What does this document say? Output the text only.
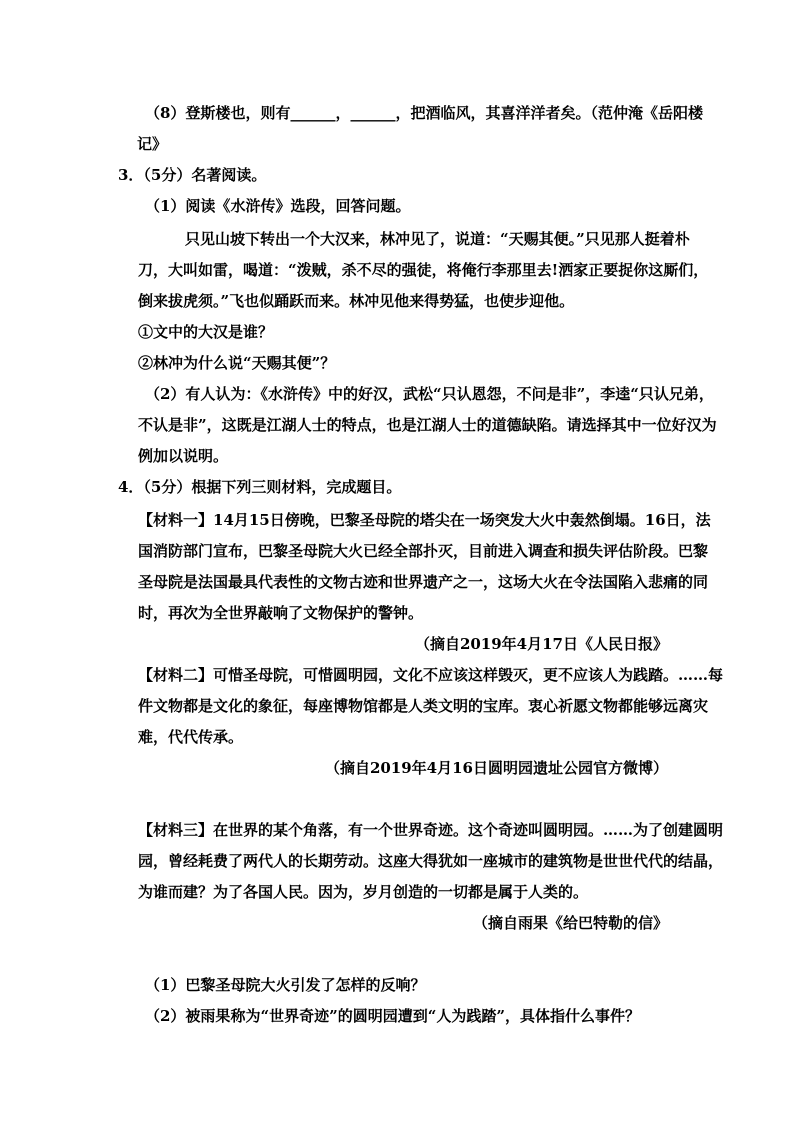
（8）登斯楼也，则有______，______，把酒临风，其喜洋洋者矣。（范仲淹《岳阳楼
记》
3．（5分）名著阅读。
（1）阅读《水浒传》选段，回答问题。
只见山坡下转出一个大汉来，林冲见了，说道：“天赐其便。”只见那人挺着朴
刀，大叫如雷，喝道：“泼贼，杀不尽的强徒，将俺行李那里去!洒家正要捉你这厮们，
倒来拔虎须。”飞也似踊跃而来。林冲见他来得势猛，也使步迎他。
①文中的大汉是谁？
②林冲为什么说“天赐其便”？
（2）有人认为：《水浒传》中的好汉，武松“只认恩怨，不问是非”，李逵“只认兄弟，
不认是非”，这既是江湖人士的特点，也是江湖人士的道德缺陷。请选择其中一位好汉为
例加以说明。
4．（5分）根据下列三则材料，完成题目。
【材料一】14月15日傍晚，巴黎圣母院的塔尖在一场突发大火中轰然倒塌。16日，法
国消防部门宣布，巴黎圣母院大火已经全部扑灭，目前进入调查和损失评估阶段。巴黎
圣母院是法国最具代表性的文物古迹和世界遗产之一，这场大火在令法国陷入悲痛的同
时，再次为全世界敲响了文物保护的警钟。
（摘自2019年4月17日《人民日报》
【材料二】可惜圣母院，可惜圆明园，文化不应该这样毁灭，更不应该人为践踏。……每
件文物都是文化的象征，每座博物馆都是人类文明的宝库。衷心祈愿文物都能够远离灾
难，代代传承。
（摘自2019年4月16日圆明园遗址公园官方微博）
【材料三】在世界的某个角落，有一个世界奇迹。这个奇迹叫圆明园。……为了创建圆明
园，曾经耗费了两代人的长期劳动。这座大得犹如一座城市的建筑物是世世代代的结晶，
为谁而建？为了各国人民。因为，岁月创造的一切都是属于人类的。
（摘自雨果《给巴特勒的信》
（1）巴黎圣母院大火引发了怎样的反响？
（2）被雨果称为“世界奇迹”的圆明园遭到“人为践踏”，具体指什么事件？
